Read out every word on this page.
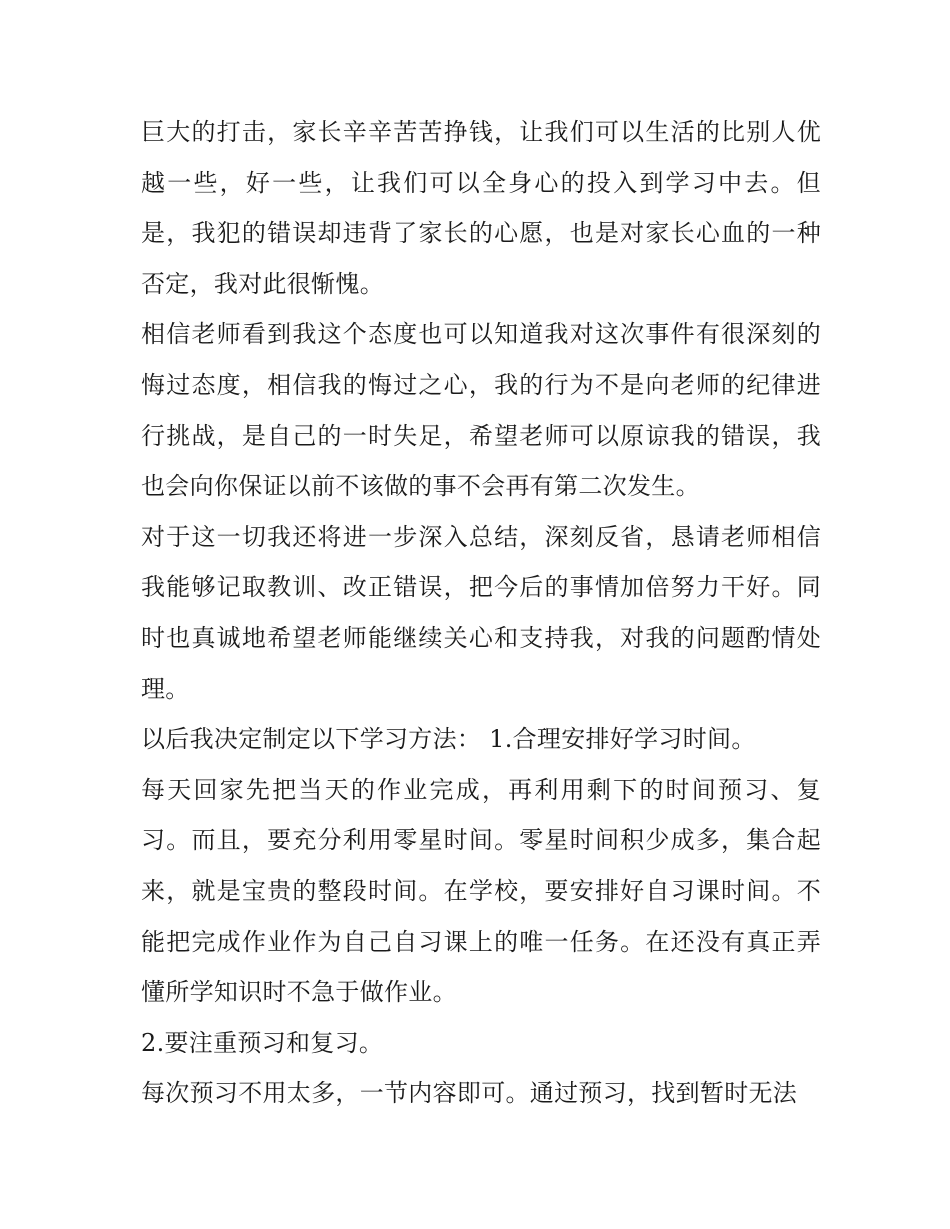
巨大的打击，家长辛辛苦苦挣钱，让我们可以生活的比别人优越一些，好一些，让我们可以全身心的投入到学习中去。但是，我犯的错误却违背了家长的心愿，也是对家长心血的一种否定，我对此很惭愧。

相信老师看到我这个态度也可以知道我对这次事件有很深刻的悔过态度，相信我的悔过之心，我的行为不是向老师的纪律进行挑战，是自己的一时失足，希望老师可以原谅我的错误，我也会向你保证以前不该做的事不会再有第二次发生。

对于这一切我还将进一步深入总结，深刻反省，恳请老师相信我能够记取教训、改正错误，把今后的事情加倍努力干好。同时也真诚地希望老师能继续关心和支持我，对我的问题酌情处理。

以后我决定制定以下学习方法： 1.合理安排好学习时间。

每天回家先把当天的作业完成，再利用剩下的时间预习、复习。而且，要充分利用零星时间。零星时间积少成多，集合起来，就是宝贵的整段时间。在学校，要安排好自习课时间。不能把完成作业作为自己自习课上的唯一任务。在还没有真正弄懂所学知识时不急于做作业。

2.要注重预习和复习。

每次预习不用太多，一节内容即可。通过预习，找到暂时无法
